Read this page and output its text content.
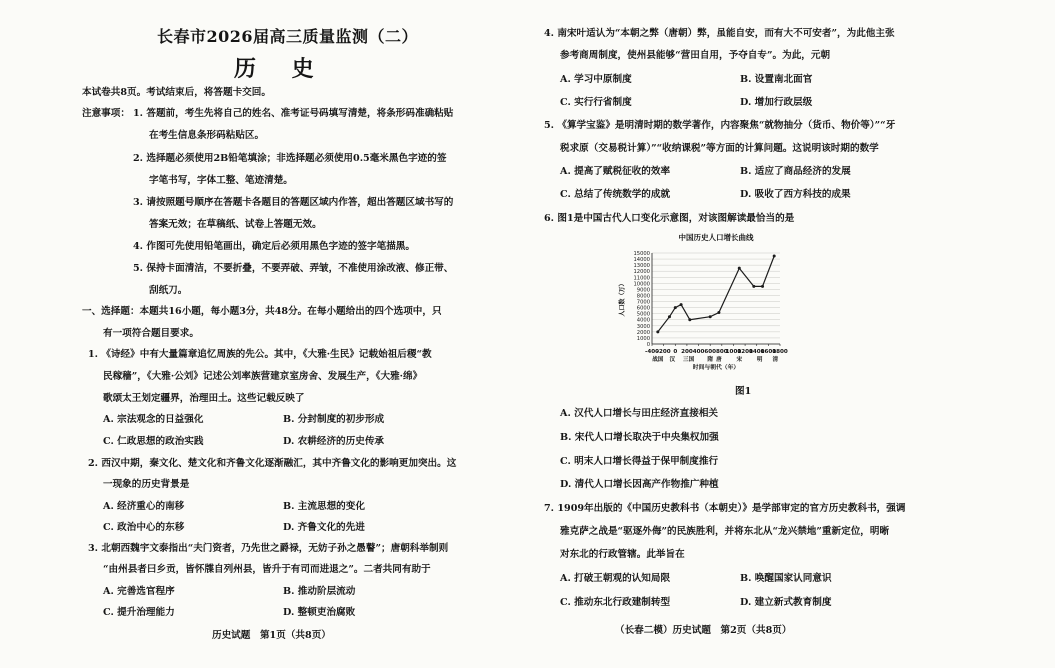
长春市2026届高三质量监测（二）
历 史
本试卷共8页。考试结束后，将答题卡交回。
注意事项： 1. 答题前，考生先将自己的姓名、准考证号码填写清楚，将条形码准确粘贴
在考生信息条形码粘贴区。
2. 选择题必须使用2B铅笔填涂；非选择题必须使用0.5毫米黑色字迹的签
字笔书写，字体工整、笔迹清楚。
3. 请按照题号顺序在答题卡各题目的答题区域内作答，超出答题区域书写的
答案无效；在草稿纸、试卷上答题无效。
4. 作图可先使用铅笔画出，确定后必须用黑色字迹的签字笔描黑。
5. 保持卡面清洁，不要折叠，不要弄破、弄皱，不准使用涂改液、修正带、
刮纸刀。
一、选择题：本题共16小题，每小题3分，共48分。在每小题给出的四个选项中，只
有一项符合题目要求。
1. 《诗经》中有大量篇章追忆周族的先公。其中，《大雅·生民》记载始祖后稷“教
民稼穑”，《大雅·公刘》记述公刘率族营建京室房舍、发展生产，《大雅·绵》
歌颂太王划定疆界，治理田土。这些记载反映了
A. 宗法观念的日益强化	B. 分封制度的初步形成
C. 仁政思想的政治实践	D. 农耕经济的历史传承
2. 西汉中期，秦文化、楚文化和齐鲁文化逐渐融汇，其中齐鲁文化的影响更加突出。这
一现象的历史背景是
A. 经济重心的南移	B. 主流思想的变化
C. 政治中心的东移	D. 齐鲁文化的先进
3. 北朝西魏宇文泰指出“夫门资者，乃先世之爵禄，无妨子孙之愚瞽”；唐朝科举制则
“由州县者曰乡贡，皆怀牒自列州县，皆升于有司而进退之”。二者共同有助于
A. 完善选官程序	B. 推动阶层流动
C. 提升治理能力	D. 整顿吏治腐败
历史试题　第1页（共8页）
4. 南宋叶适认为“本朝之弊（唐朝）弊，虽能自安，而有大不可安者”，为此他主张
参考商周制度，使州县能够“营田自用，予夺自专”。为此，元朝
A. 学习中原制度	B. 设置南北面官
C. 实行行省制度	D. 增加行政层级
5. 《算学宝鉴》是明清时期的数学著作，内容聚焦“就物抽分（货币、物价等）”“牙
税求原（交易税计算）”“收纳课税”等方面的计算问题。这说明该时期的数学
A. 提高了赋税征收的效率	B. 适应了商品经济的发展
C. 总结了传统数学的成就	D. 吸收了西方科技的成果
6. 图1是中国古代人口变化示意图，对该图解读最恰当的是
中国历史人口增长曲线
0
1000
2000
3000
4000
5000
6000
7000
8000
9000
10000
11000
12000
13000
14000
15000
-400
-200 0 200 400 600 800
1000
1200
1400
1600
1800
战国 汉 三国 隋 唐	宋	明 清
时间与朝代（年）
人口数（万）
图1
A. 汉代人口增长与田庄经济直接相关
B. 宋代人口增长取决于中央集权加强
C. 明末人口增长得益于保甲制度推行
D. 清代人口增长因高产作物推广种植
7. 1909年出版的《中国历史教科书（本朝史）》是学部审定的官方历史教科书，强调
雅克萨之战是“驱逐外侮”的民族胜利，并将东北从“龙兴禁地”重新定位，明晰
对东北的行政管辖。此举旨在
A. 打破王朝观的认知局限	B. 唤醒国家认同意识
C. 推动东北行政建制转型	D. 建立新式教育制度
（长春二模）历史试题　第2页（共8页）
